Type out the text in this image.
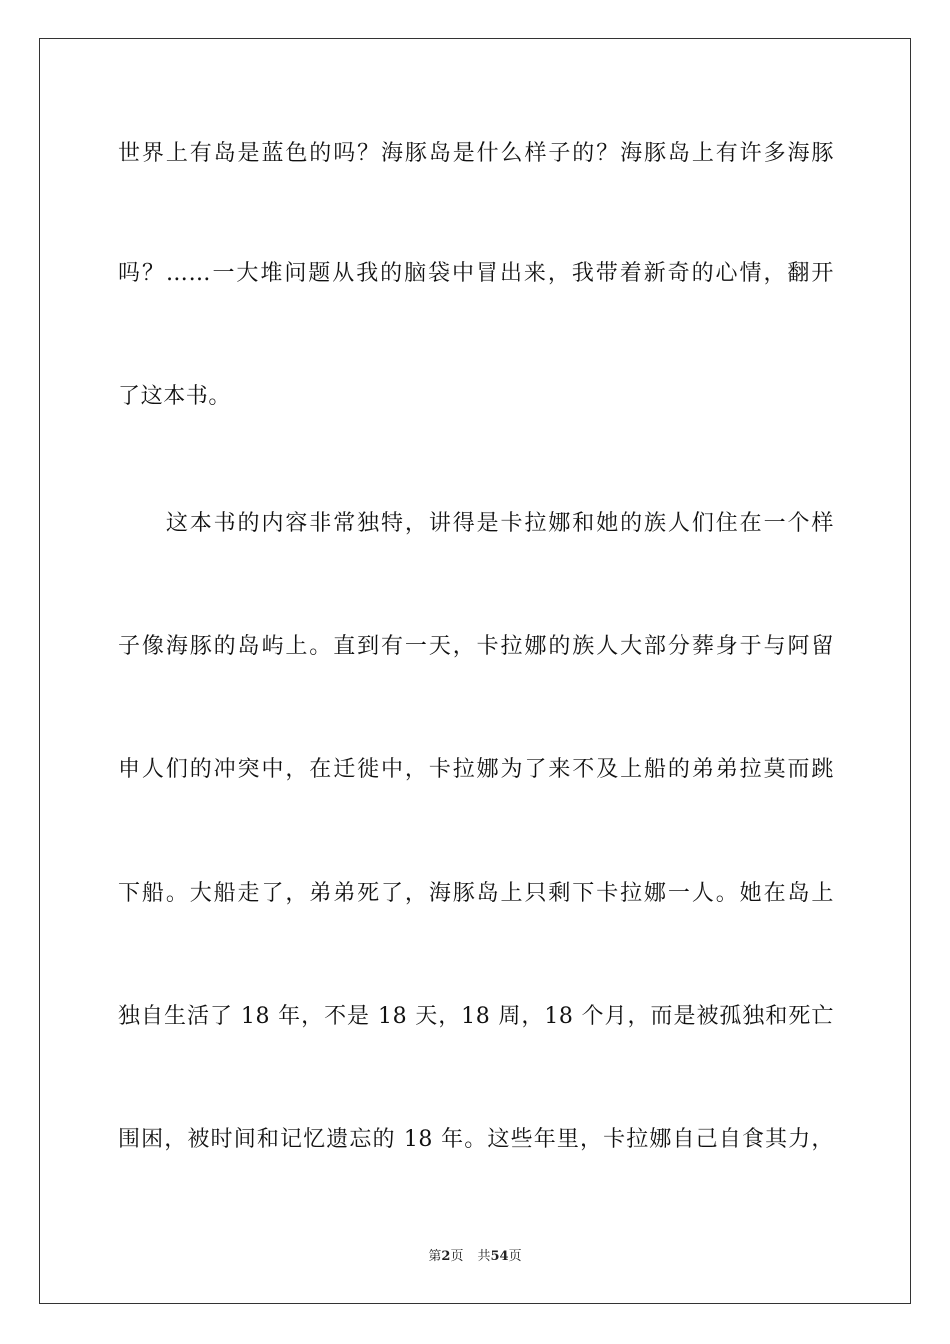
世界上有岛是蓝色的吗？海豚岛是什么样子的？海豚岛上有许多海豚
吗？……一大堆问题从我的脑袋中冒出来，我带着新奇的心情，翻开
了这本书。
　　这本书的内容非常独特，讲得是卡拉娜和她的族人们住在一个样
子像海豚的岛屿上。直到有一天，卡拉娜的族人大部分葬身于与阿留
申人们的冲突中，在迁徙中，卡拉娜为了来不及上船的弟弟拉莫而跳
下船。大船走了，弟弟死了，海豚岛上只剩下卡拉娜一人。她在岛上
独自生活了 18 年，不是 18 天，18 周，18 个月，而是被孤独和死亡
围困，被时间和记忆遗忘的 18 年。这些年里，卡拉娜自己自食其力，
第2页 共54页
